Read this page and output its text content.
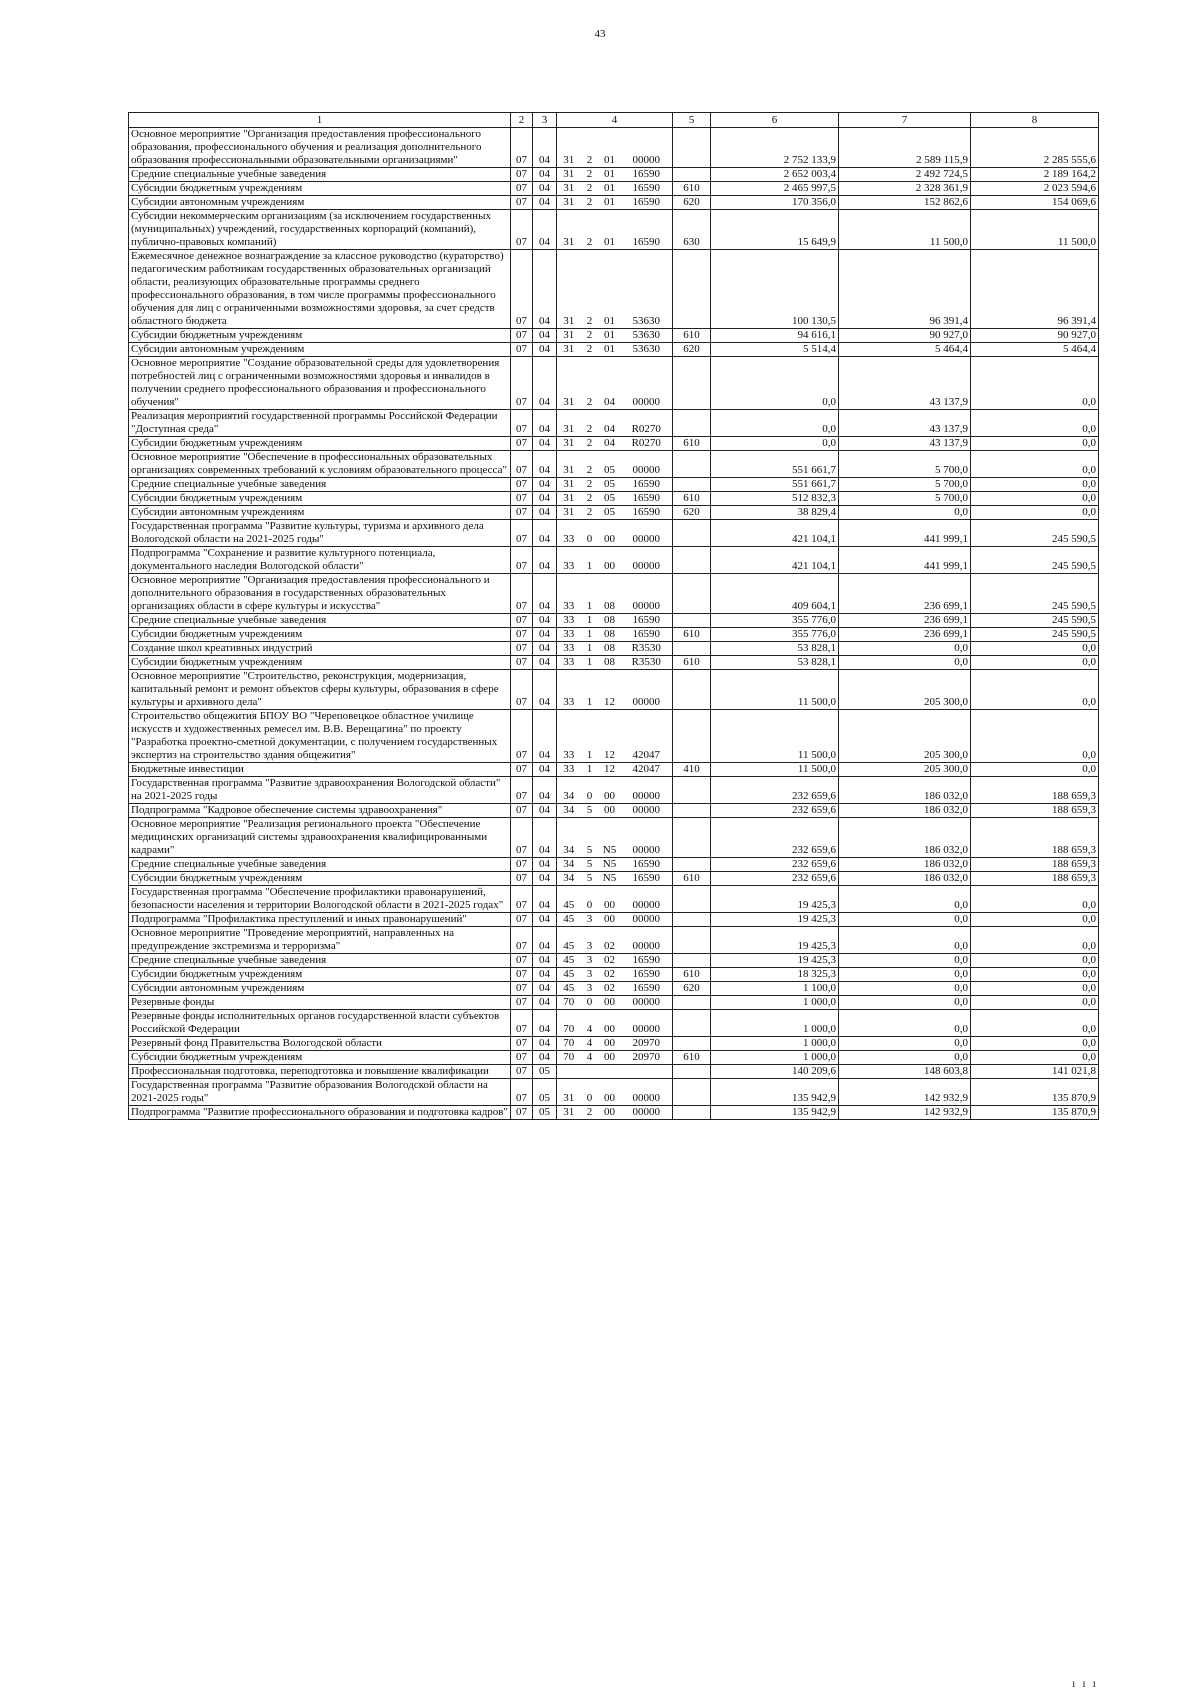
43
1	2	3	4				5	6	7	8
Основное мероприятие "Организация предоставления профессионального образования, профессионального обучения и реализация дополнительного образования профессиональными образовательными организациями"	07	04	31	2	01	00000		2 752 133,9	2 589 115,9	2 285 555,6
Средние специальные учебные заведения	07	04	31	2	01	16590		2 652 003,4	2 492 724,5	2 189 164,2
Субсидии бюджетным учреждениям	07	04	31	2	01	16590	610	2 465 997,5	2 328 361,9	2 023 594,6
Субсидии автономным учреждениям	07	04	31	2	01	16590	620	170 356,0	152 862,6	154 069,6
Субсидии некоммерческим организациям (за исключением государственных (муниципальных) учреждений, государственных корпораций (компаний), публично-правовых компаний)	07	04	31	2	01	16590	630	15 649,9	11 500,0	11 500,0
Ежемесячное денежное вознаграждение за классное руководство (кураторство) педагогическим работникам государственных образовательных организаций области, реализующих образовательные программы среднего профессионального образования, в том числе программы профессионального обучения для лиц с ограниченными возможностями здоровья, за счет средств областного бюджета	07	04	31	2	01	53630		100 130,5	96 391,4	96 391,4
Субсидии бюджетным учреждениям	07	04	31	2	01	53630	610	94 616,1	90 927,0	90 927,0
Субсидии автономным учреждениям	07	04	31	2	01	53630	620	5 514,4	5 464,4	5 464,4
Основное мероприятие "Создание образовательной среды для удовлетворения потребностей лиц с ограниченными возможностями здоровья и инвалидов в получении среднего профессионального образования и профессионального обучения"	07	04	31	2	04	00000		0,0	43 137,9	0,0
Реализация мероприятий государственной программы Российской Федерации "Доступная среда"	07	04	31	2	04	R0270		0,0	43 137,9	0,0
Субсидии бюджетным учреждениям	07	04	31	2	04	R0270	610	0,0	43 137,9	0,0
Основное мероприятие "Обеспечение в профессиональных образовательных организациях современных требований к условиям образовательного процесса"	07	04	31	2	05	00000		551 661,7	5 700,0	0,0
Средние специальные учебные заведения	07	04	31	2	05	16590		551 661,7	5 700,0	0,0
Субсидии бюджетным учреждениям	07	04	31	2	05	16590	610	512 832,3	5 700,0	0,0
Субсидии автономным учреждениям	07	04	31	2	05	16590	620	38 829,4	0,0	0,0
Государственная программа "Развитие культуры, туризма и архивного дела Вологодской области на 2021-2025 годы"	07	04	33	0	00	00000		421 104,1	441 999,1	245 590,5
Подпрограмма "Сохранение и развитие культурного потенциала, документального наследия Вологодской области"	07	04	33	1	00	00000		421 104,1	441 999,1	245 590,5
Основное мероприятие "Организация предоставления профессионального и дополнительного образования в государственных образовательных организациях области в сфере культуры и искусства"	07	04	33	1	08	00000		409 604,1	236 699,1	245 590,5
Средние специальные учебные заведения	07	04	33	1	08	16590		355 776,0	236 699,1	245 590,5
Субсидии бюджетным учреждениям	07	04	33	1	08	16590	610	355 776,0	236 699,1	245 590,5
Создание школ креативных индустрий	07	04	33	1	08	R3530		53 828,1	0,0	0,0
Субсидии бюджетным учреждениям	07	04	33	1	08	R3530	610	53 828,1	0,0	0,0
Основное мероприятие "Строительство, реконструкция, модернизация, капитальный ремонт и ремонт объектов сферы культуры, образования в сфере культуры и архивного дела"	07	04	33	1	12	00000		11 500,0	205 300,0	0,0
Строительство общежития БПОУ ВО "Череповецкое областное училище искусств и художественных ремесел им. В.В. Верещагина" по проекту "Разработка проектно-сметной документации, с получением государственных экспертиз на строительство здания общежития"	07	04	33	1	12	42047		11 500,0	205 300,0	0,0
Бюджетные инвестиции	07	04	33	1	12	42047	410	11 500,0	205 300,0	0,0
Государственная программа "Развитие здравоохранения Вологодской области" на 2021-2025 годы	07	04	34	0	00	00000		232 659,6	186 032,0	188 659,3
Подпрограмма "Кадровое обеспечение системы здравоохранения"	07	04	34	5	00	00000		232 659,6	186 032,0	188 659,3
Основное мероприятие "Реализация регионального проекта "Обеспечение медицинских организаций системы здравоохранения квалифицированными кадрами"	07	04	34	5	N5	00000		232 659,6	186 032,0	188 659,3
Средние специальные учебные заведения	07	04	34	5	N5	16590		232 659,6	186 032,0	188 659,3
Субсидии бюджетным учреждениям	07	04	34	5	N5	16590	610	232 659,6	186 032,0	188 659,3
Государственная программа "Обеспечение профилактики правонарушений, безопасности населения и территории Вологодской области в 2021-2025 годах"	07	04	45	0	00	00000		19 425,3	0,0	0,0
Подпрограмма "Профилактика преступлений и иных правонарушений"	07	04	45	3	00	00000		19 425,3	0,0	0,0
Основное мероприятие "Проведение мероприятий, направленных на предупреждение экстремизма и терроризма"	07	04	45	3	02	00000		19 425,3	0,0	0,0
Средние специальные учебные заведения	07	04	45	3	02	16590		19 425,3	0,0	0,0
Субсидии бюджетным учреждениям	07	04	45	3	02	16590	610	18 325,3	0,0	0,0
Субсидии автономным учреждениям	07	04	45	3	02	16590	620	1 100,0	0,0	0,0
Резервные фонды	07	04	70	0	00	00000		1 000,0	0,0	0,0
Резервные фонды исполнительных органов государственной власти субъектов Российской Федерации	07	04	70	4	00	00000		1 000,0	0,0	0,0
Резервный фонд Правительства Вологодской области	07	04	70	4	00	20970		1 000,0	0,0	0,0
Субсидии бюджетным учреждениям	07	04	70	4	00	20970	610	1 000,0	0,0	0,0
Профессиональная подготовка, переподготовка и повышение квалификации	07	05						140 209,6	148 603,8	141 021,8
Государственная программа "Развитие образования Вологодской области на 2021-2025 годы"	07	05	31	0	00	00000		135 942,9	142 932,9	135 870,9
Подпрограмма "Развитие профессионального образования и подготовка кадров"	07	05	31	2	00	00000		135 942,9	142 932,9	135 870,9
ı ı ı
